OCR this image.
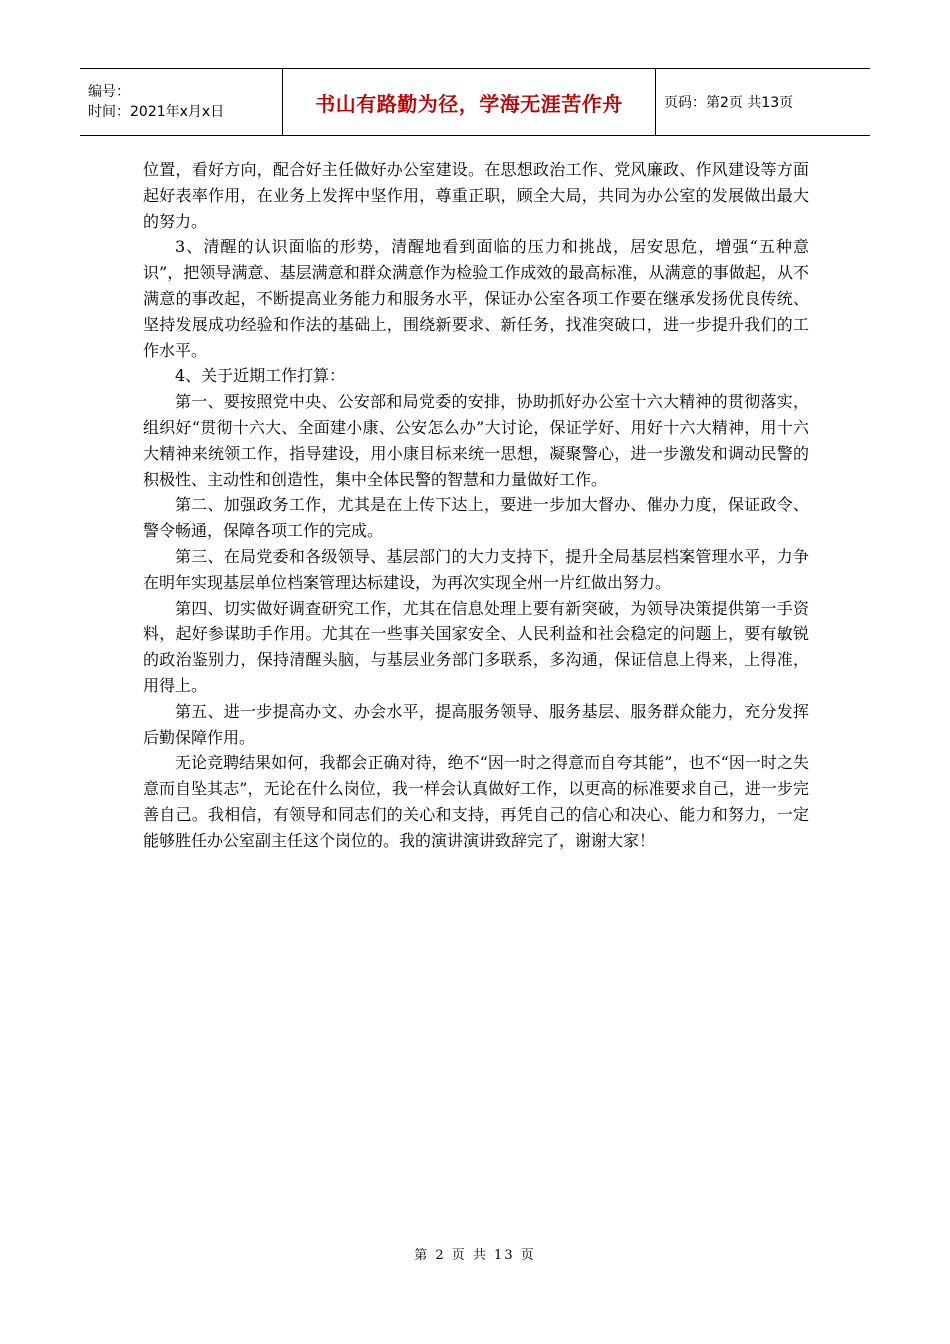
编号：
时间：2021年x月x日	书山有路勤为径，学海无涯苦作舟	页码：第2页 共13页

位置，看好方向，配合好主任做好办公室建设。在思想政治工作、党风廉政、作风建设等方面起好表率作用，在业务上发挥中坚作用，尊重正职，顾全大局，共同为办公室的发展做出最大的努力。

3、清醒的认识面临的形势，清醒地看到面临的压力和挑战，居安思危，增强“五种意识”，把领导满意、基层满意和群众满意作为检验工作成效的最高标准，从满意的事做起，从不满意的事改起，不断提高业务能力和服务水平，保证办公室各项工作要在继承发扬优良传统、坚持发展成功经验和作法的基础上，围绕新要求、新任务，找准突破口，进一步提升我们的工作水平。

4、关于近期工作打算：

第一、要按照党中央、公安部和局党委的安排，协助抓好办公室十六大精神的贯彻落实，组织好“贯彻十六大、全面建小康、公安怎么办”大讨论，保证学好、用好十六大精神，用十六大精神来统领工作，指导建设，用小康目标来统一思想，凝聚警心，进一步激发和调动民警的积极性、主动性和创造性，集中全体民警的智慧和力量做好工作。

第二、加强政务工作，尤其是在上传下达上，要进一步加大督办、催办力度，保证政令、警令畅通，保障各项工作的完成。

第三、在局党委和各级领导、基层部门的大力支持下，提升全局基层档案管理水平，力争在明年实现基层单位档案管理达标建设，为再次实现全州一片红做出努力。

第四、切实做好调查研究工作，尤其在信息处理上要有新突破，为领导决策提供第一手资料，起好参谋助手作用。尤其在一些事关国家安全、人民利益和社会稳定的问题上，要有敏锐的政治鉴别力，保持清醒头脑，与基层业务部门多联系，多沟通，保证信息上得来，上得准，用得上。

第五、进一步提高办文、办会水平，提高服务领导、服务基层、服务群众能力，充分发挥后勤保障作用。

无论竞聘结果如何，我都会正确对待，绝不“因一时之得意而自夸其能”，也不“因一时之失意而自坠其志”，无论在什么岗位，我一样会认真做好工作，以更高的标准要求自己，进一步完善自己。我相信，有领导和同志们的关心和支持，再凭自己的信心和决心、能力和努力，一定能够胜任办公室副主任这个岗位的。我的演讲演讲致辞完了，谢谢大家！

第 2 页 共 13 页
